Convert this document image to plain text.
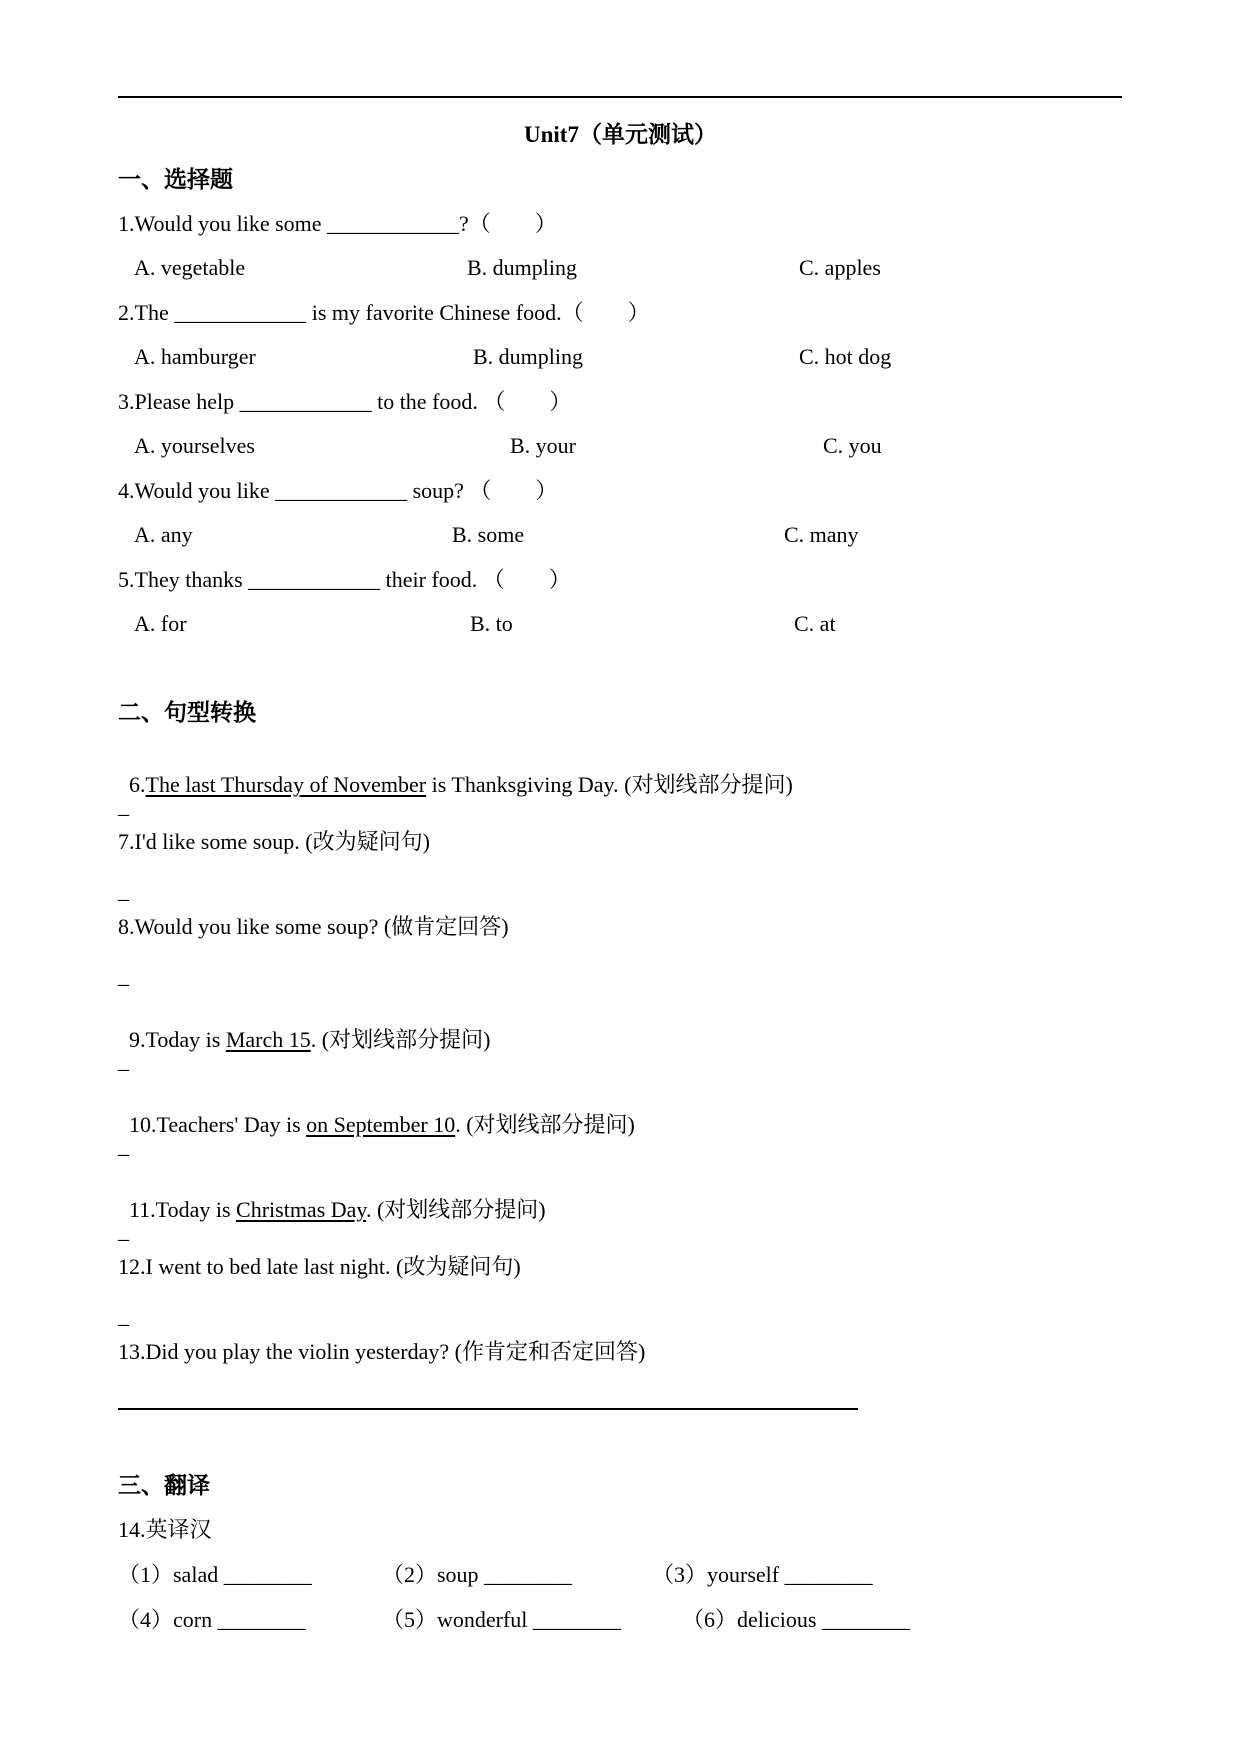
Unit7（单元测试）
一、选择题
1.Would you like some ____________?（　　）
A. vegetable	B. dumpling	C. apples
2.The ____________ is my favorite Chinese food.（　　）
A. hamburger	B. dumpling	C. hot dog
3.Please help ____________ to the food. （　　）
A. yourselves	B. your	C. you
4.Would you like ____________ soup? （　　）
A. any	B. some	C. many
5.They thanks ____________ their food. （　　）
A. for	B. to	C. at
二、句型转换

6.The last Thursday of November is Thanksgiving Day. (对划线部分提问)

_
7.I'd like some soup. (改为疑问句)
_
8.Would you like some soup? (做肯定回答)
_

9.Today is March 15. (对划线部分提问)

_

10.Teachers' Day is on September 10. (对划线部分提问)

_

11.Today is Christmas Day. (对划线部分提问)

_
12.I went to bed late last night. (改为疑问句)
_
13.Did you play the violin yesterday? (作肯定和否定回答)
三、翻译
14.英译汉
（1）salad ________	（2）soup ________	（3）yourself ________
（4）corn ________	（5）wonderful ________	（6）delicious ________
